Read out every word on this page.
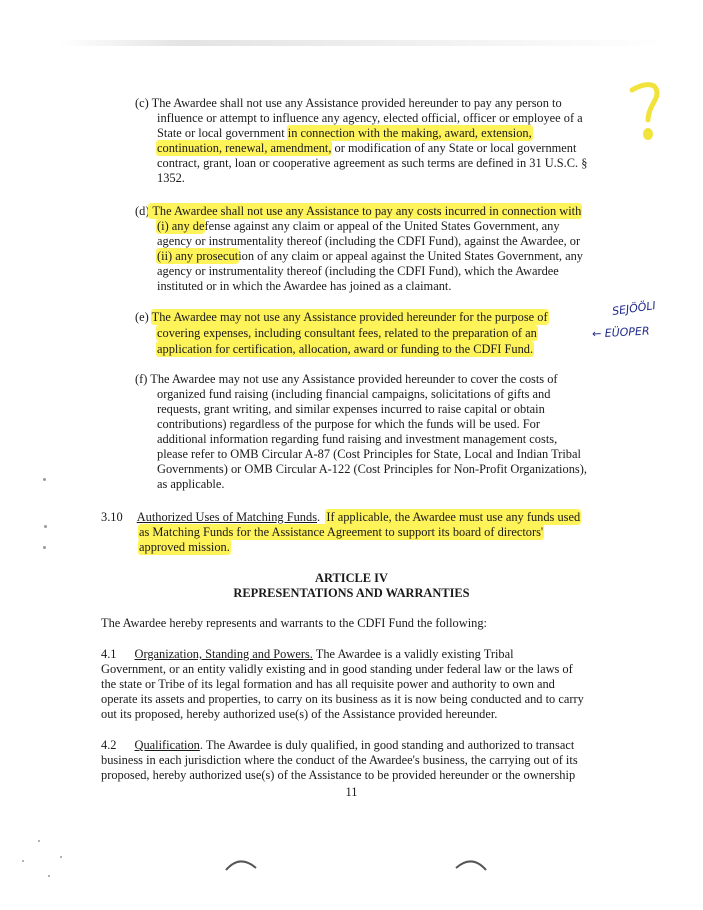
(c) The Awardee shall not use any Assistance provided hereunder to pay any person to
influence or attempt to influence any agency, elected official, officer or employee of a
State or local government in connection with the making, award, extension,
continuation, renewal, amendment, or modification of any State or local government
contract, grant, loan or cooperative agreement as such terms are defined in 31 U.S.C. §
1352.
(d) The Awardee shall not use any Assistance to pay any costs incurred in connection with
(i) any defense against any claim or appeal of the United States Government, any
agency or instrumentality thereof (including the CDFI Fund), against the Awardee, or
(ii) any prosecution of any claim or appeal against the United States Government, any
agency or instrumentality thereof (including the CDFI Fund), which the Awardee
instituted or in which the Awardee has joined as a claimant.
(e) The Awardee may not use any Assistance provided hereunder for the purpose of
covering expenses, including consultant fees, related to the preparation of an
application for certification, allocation, award or funding to the CDFI Fund.
(f) The Awardee may not use any Assistance provided hereunder to cover the costs of
organized fund raising (including financial campaigns, solicitations of gifts and
requests, grant writing, and similar expenses incurred to raise capital or obtain
contributions) regardless of the purpose for which the funds will be used. For
additional information regarding fund raising and investment management costs,
please refer to OMB Circular A-87 (Cost Principles for State, Local and Indian Tribal
Governments) or OMB Circular A-122 (Cost Principles for Non-Profit Organizations),
as applicable.
3.10 Authorized Uses of Matching Funds. If applicable, the Awardee must use any funds used
as Matching Funds for the Assistance Agreement to support its board of directors'
approved mission.
ARTICLE IV
REPRESENTATIONS AND WARRANTIES
The Awardee hereby represents and warrants to the CDFI Fund the following:
4.1 Organization, Standing and Powers. The Awardee is a validly existing Tribal
Government, or an entity validly existing and in good standing under federal law or the laws of
the state or Tribe of its legal formation and has all requisite power and authority to own and
operate its assets and properties, to carry on its business as it is now being conducted and to carry
out its proposed, hereby authorized use(s) of the Assistance provided hereunder.
4.2 Qualification. The Awardee is duly qualified, in good standing and authorized to transact
business in each jurisdiction where the conduct of the Awardee's business, the carrying out of its
proposed, hereby authorized use(s) of the Assistance to be provided hereunder or the ownership
11
SEJÖÖLI
← EÜOPER
